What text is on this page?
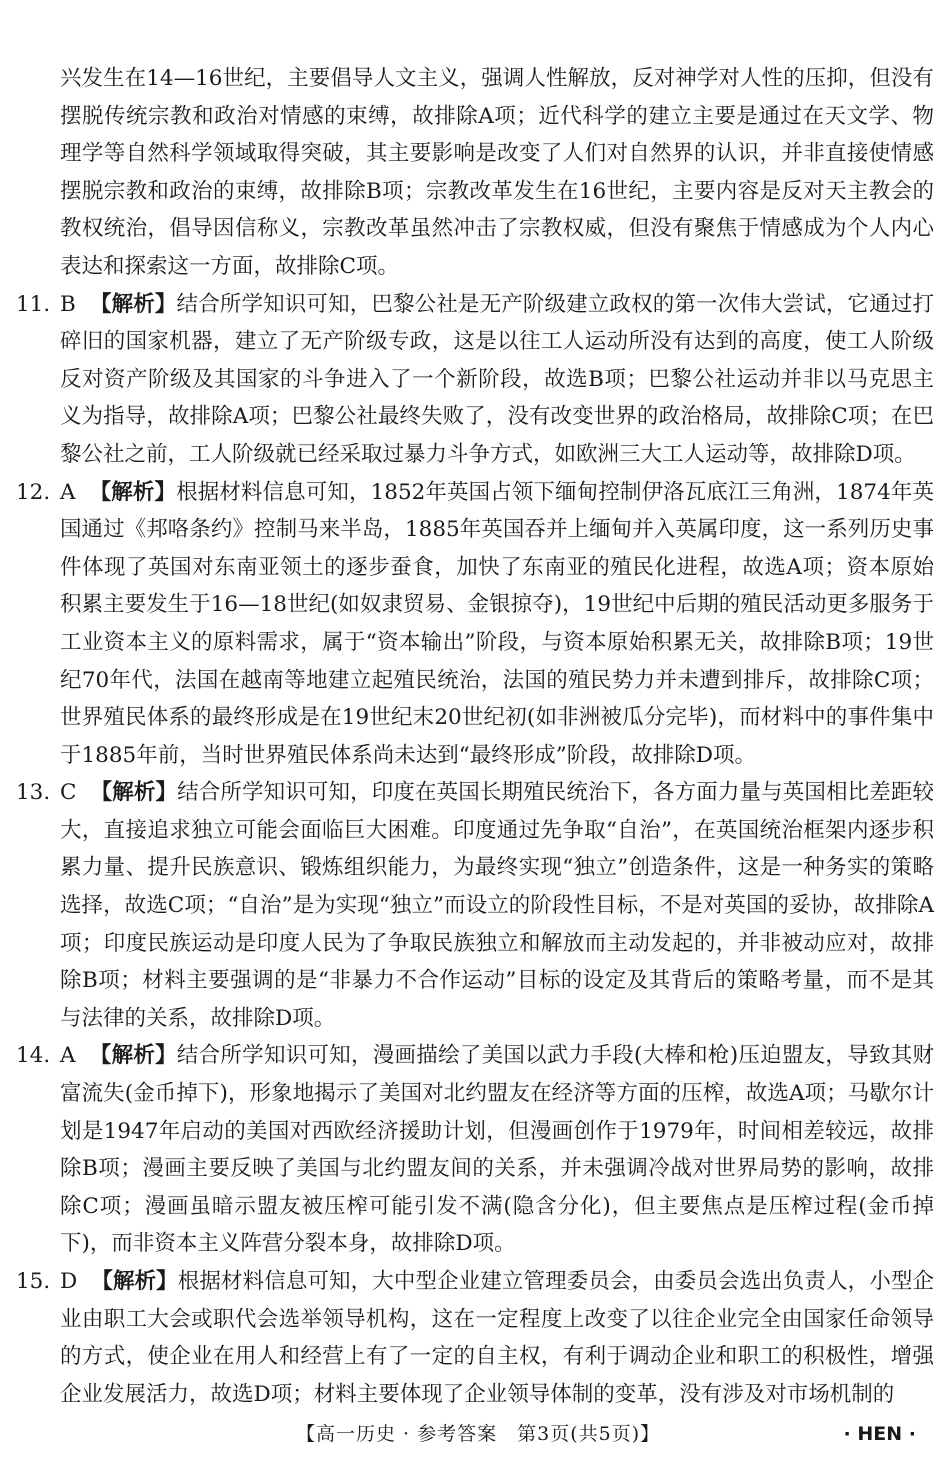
兴发生在14—16世纪，主要倡导人文主义，强调人性解放，反对神学对人性的压抑，但没有摆脱传统宗教和政治对情感的束缚，故排除A项；近代科学的建立主要是通过在天文学、物理学等自然科学领域取得突破，其主要影响是改变了人们对自然界的认识，并非直接使情感摆脱宗教和政治的束缚，故排除B项；宗教改革发生在16世纪，主要内容是反对天主教会的教权统治，倡导因信称义，宗教改革虽然冲击了宗教权威，但没有聚焦于情感成为个人内心表达和探索这一方面，故排除C项。

11. B 【解析】结合所学知识可知，巴黎公社是无产阶级建立政权的第一次伟大尝试，它通过打碎旧的国家机器，建立了无产阶级专政，这是以往工人运动所没有达到的高度，使工人阶级反对资产阶级及其国家的斗争进入了一个新阶段，故选B项；巴黎公社运动并非以马克思主义为指导，故排除A项；巴黎公社最终失败了，没有改变世界的政治格局，故排除C项；在巴黎公社之前，工人阶级就已经采取过暴力斗争方式，如欧洲三大工人运动等，故排除D项。
12. A 【解析】根据材料信息可知，1852年英国占领下缅甸控制伊洛瓦底江三角洲，1874年英国通过《邦咯条约》控制马来半岛，1885年英国吞并上缅甸并入英属印度，这一系列历史事件体现了英国对东南亚领土的逐步蚕食，加快了东南亚的殖民化进程，故选A项；资本原始积累主要发生于16—18世纪(如奴隶贸易、金银掠夺)，19世纪中后期的殖民活动更多服务于工业资本主义的原料需求，属于“资本输出”阶段，与资本原始积累无关，故排除B项；19世纪70年代，法国在越南等地建立起殖民统治，法国的殖民势力并未遭到排斥，故排除C项；世界殖民体系的最终形成是在19世纪末20世纪初(如非洲被瓜分完毕)，而材料中的事件集中于1885年前，当时世界殖民体系尚未达到“最终形成”阶段，故排除D项。
13. C 【解析】结合所学知识可知，印度在英国长期殖民统治下，各方面力量与英国相比差距较大，直接追求独立可能会面临巨大困难。印度通过先争取“自治”，在英国统治框架内逐步积累力量、提升民族意识、锻炼组织能力，为最终实现“独立”创造条件，这是一种务实的策略选择，故选C项；“自治”是为实现“独立”而设立的阶段性目标，不是对英国的妥协，故排除A项；印度民族运动是印度人民为了争取民族独立和解放而主动发起的，并非被动应对，故排除B项；材料主要强调的是“非暴力不合作运动”目标的设定及其背后的策略考量，而不是其与法律的关系，故排除D项。
14. A 【解析】结合所学知识可知，漫画描绘了美国以武力手段(大棒和枪)压迫盟友，导致其财富流失(金币掉下)，形象地揭示了美国对北约盟友在经济等方面的压榨，故选A项；马歇尔计划是1947年启动的美国对西欧经济援助计划，但漫画创作于1979年，时间相差较远，故排除B项；漫画主要反映了美国与北约盟友间的关系，并未强调冷战对世界局势的影响，故排除C项；漫画虽暗示盟友被压榨可能引发不满(隐含分化)，但主要焦点是压榨过程(金币掉下)，而非资本主义阵营分裂本身，故排除D项。
15. D 【解析】根据材料信息可知，大中型企业建立管理委员会，由委员会选出负责人，小型企业由职工大会或职代会选举领导机构，这在一定程度上改变了以往企业完全由国家任命领导的方式，使企业在用人和经营上有了一定的自主权，有利于调动企业和职工的积极性，增强企业发展活力，故选D项；材料主要体现了企业领导体制的变革，没有涉及对市场机制的
【高一历史 · 参考答案　第3页(共5页)】	· HEN ·
